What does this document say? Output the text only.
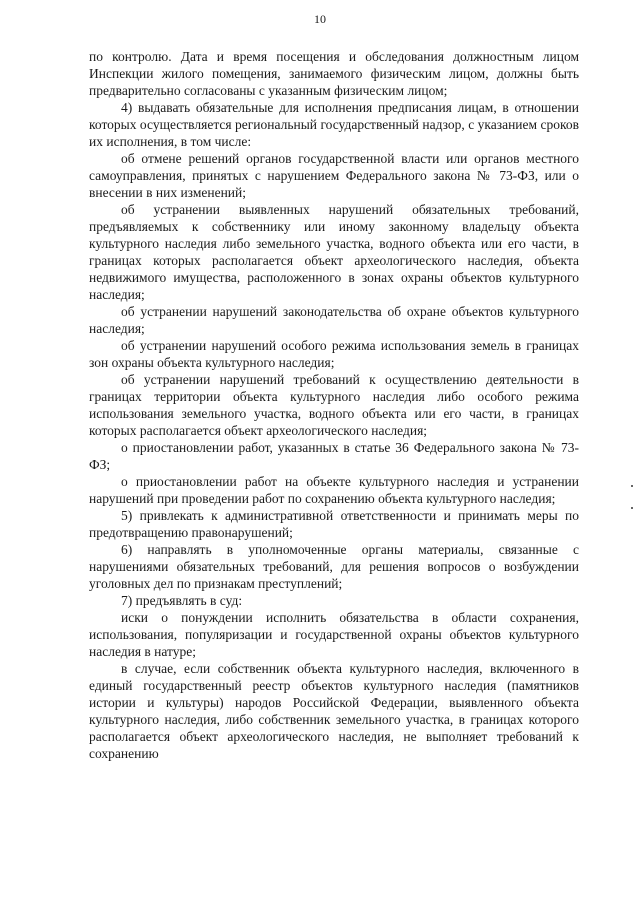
10

по контролю. Дата и время посещения и обследования должностным лицом Инспекции жилого помещения, занимаемого физическим лицом, должны быть предварительно согласованы с указанным физическим лицом;

4) выдавать обязательные для исполнения предписания лицам, в отношении которых осуществляется региональный государственный надзор, с указанием сроков их исполнения, в том числе:

об отмене решений органов государственной власти или органов местного самоуправления, принятых с нарушением Федерального закона № 73-ФЗ, или о внесении в них изменений;

об устранении выявленных нарушений обязательных требований, предъявляемых к собственнику или иному законному владельцу объекта культурного наследия либо земельного участка, водного объекта или его части, в границах которых располагается объект археологического наследия, объекта недвижимого имущества, расположенного в зонах охраны объектов культурного наследия;

об устранении нарушений законодательства об охране объектов культурного наследия;

об устранении нарушений особого режима использования земель в границах зон охраны объекта культурного наследия;

об устранении нарушений требований к осуществлению деятельности в границах территории объекта культурного наследия либо особого режима использования земельного участка, водного объекта или его части, в границах которых располагается объект археологического наследия;

о приостановлении работ, указанных в статье 36 Федерального закона № 73-ФЗ;

о приостановлении работ на объекте культурного наследия и устранении нарушений при проведении работ по сохранению объекта культурного наследия;

5) привлекать к административной ответственности и принимать меры по предотвращению правонарушений;

6) направлять в уполномоченные органы материалы, связанные с нарушениями обязательных требований, для решения вопросов о возбуждении уголовных дел по признакам преступлений;

7) предъявлять в суд:

иски о понуждении исполнить обязательства в области сохранения, использования, популяризации и государственной охраны объектов культурного наследия в натуре;

в случае, если собственник объекта культурного наследия, включенного в единый государственный реестр объектов культурного наследия (памятников истории и культуры) народов Российской Федерации, выявленного объекта культурного наследия, либо собственник земельного участка, в границах которого располагается объект археологического наследия, не выполняет требований к сохранению
